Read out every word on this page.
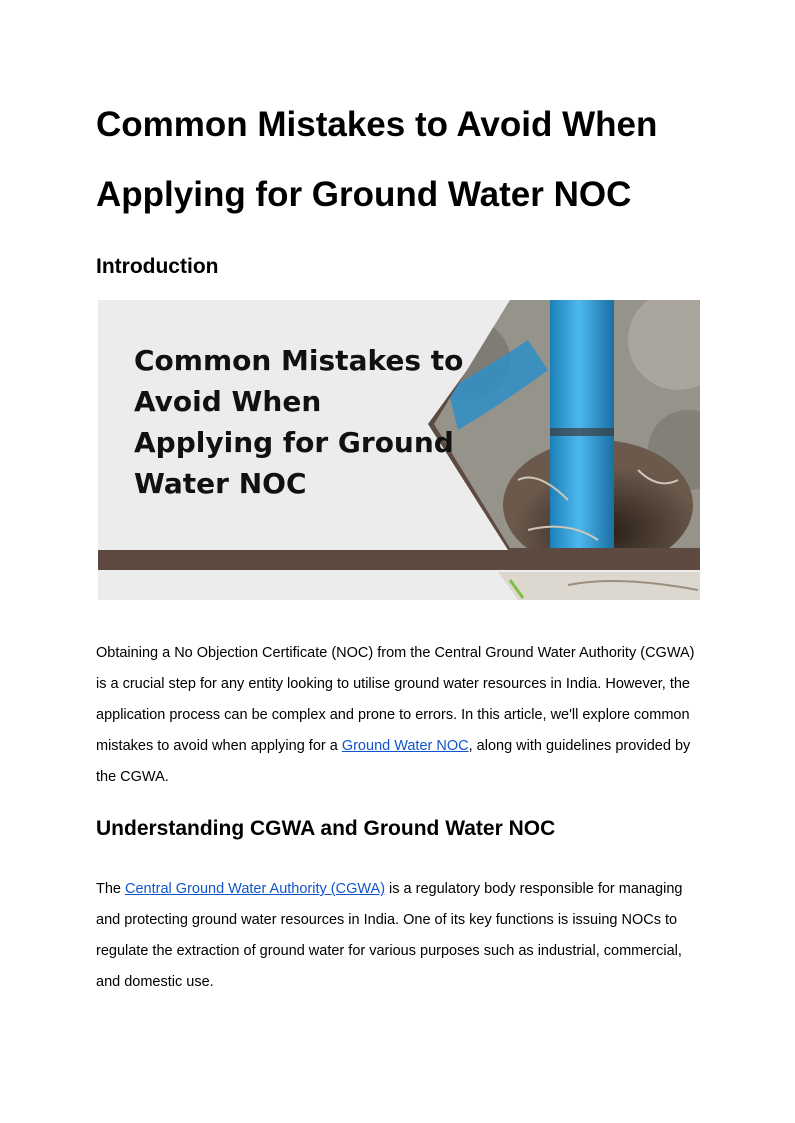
Common Mistakes to Avoid When Applying for Ground Water NOC
Introduction
Common Mistakes to
Avoid When
Applying for Ground
Water NOC

Obtaining a No Objection Certificate (NOC) from the Central Ground Water Authority (CGWA) is a crucial step for any entity looking to utilise ground water resources in India. However, the application process can be complex and prone to errors. In this article, we'll explore common mistakes to avoid when applying for a Ground Water NOC, along with guidelines provided by the CGWA.

Understanding CGWA and Ground Water NOC

The Central Ground Water Authority (CGWA) is a regulatory body responsible for managing and protecting ground water resources in India. One of its key functions is issuing NOCs to regulate the extraction of ground water for various purposes such as industrial, commercial, and domestic use.
